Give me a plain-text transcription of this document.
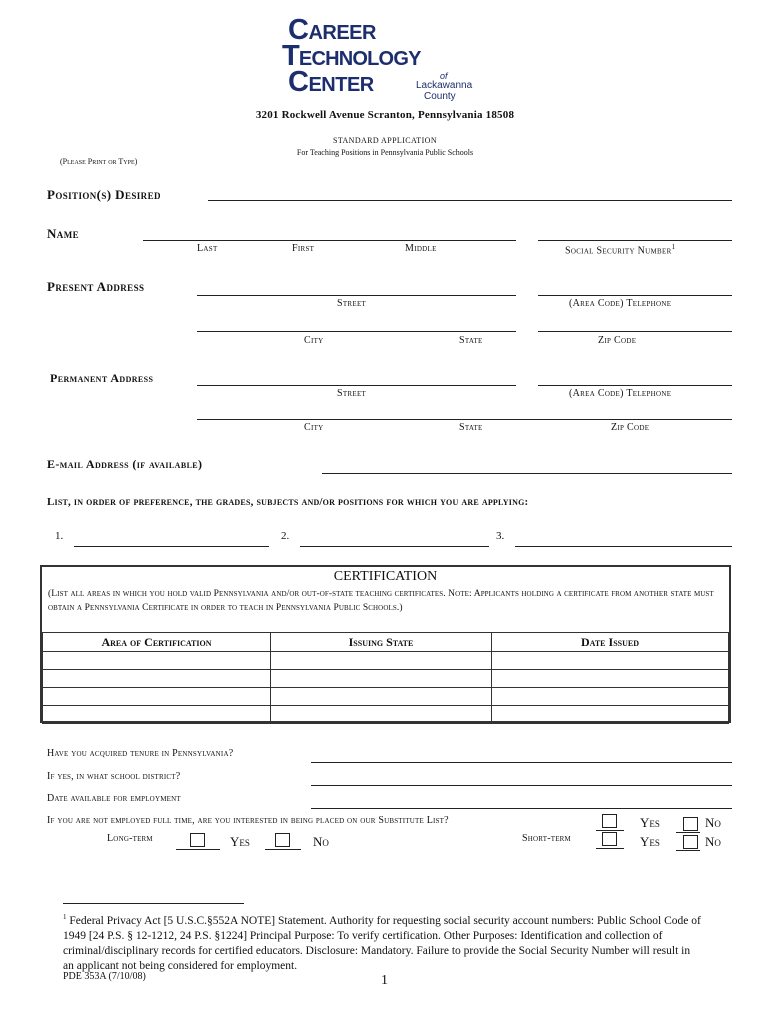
Career
Technology
Center	of
Lackawanna
County
3201 Rockwell Avenue Scranton, Pennsylvania 18508
STANDARD APPLICATION
For Teaching Positions in Pennsylvania Public Schools
(Please Print or Type)
Position(s) Desired
Name
Last	First	Middle	Social Security Number$^1$
Present Address
Street	(Area Code) Telephone
City	State	Zip Code
Permanent Address
Street	(Area Code) Telephone
City	State	Zip Code
E-mail Address (if available)
List, in order of preference, the grades, subjects and/or positions for which you are applying:
1.	2.	3.
CERTIFICATION
(List all areas in which you hold valid Pennsylvania and/or out-of-state teaching certificates. Note: Applicants holding a certificate from another state must obtain a Pennsylvania Certificate in order to teach in Pennsylvania Public Schools.)
Area of Certification	Issuing State	Date Issued

Have you acquired tenure in Pennsylvania?
If yes, in what school district?
Date available for employment
If you are not employed full time, are you interested in being placed on our Substitute List?	Yes	No
Long-term	Yes	No	Short-term	Yes	No
$^1$ Federal Privacy Act [5 U.S.C.§552A NOTE] Statement. Authority for requesting social security account numbers: Public School Code of 1949 [24 P.S. § 12-1212, 24 P.S. §1224] Principal Purpose: To verify certification. Other Purposes: Identification and collection of criminal/disciplinary records for certified educators. Disclosure: Mandatory. Failure to provide the Social Security Number will result in an applicant not being considered for employment.
PDE 353A (7/10/08)	1
